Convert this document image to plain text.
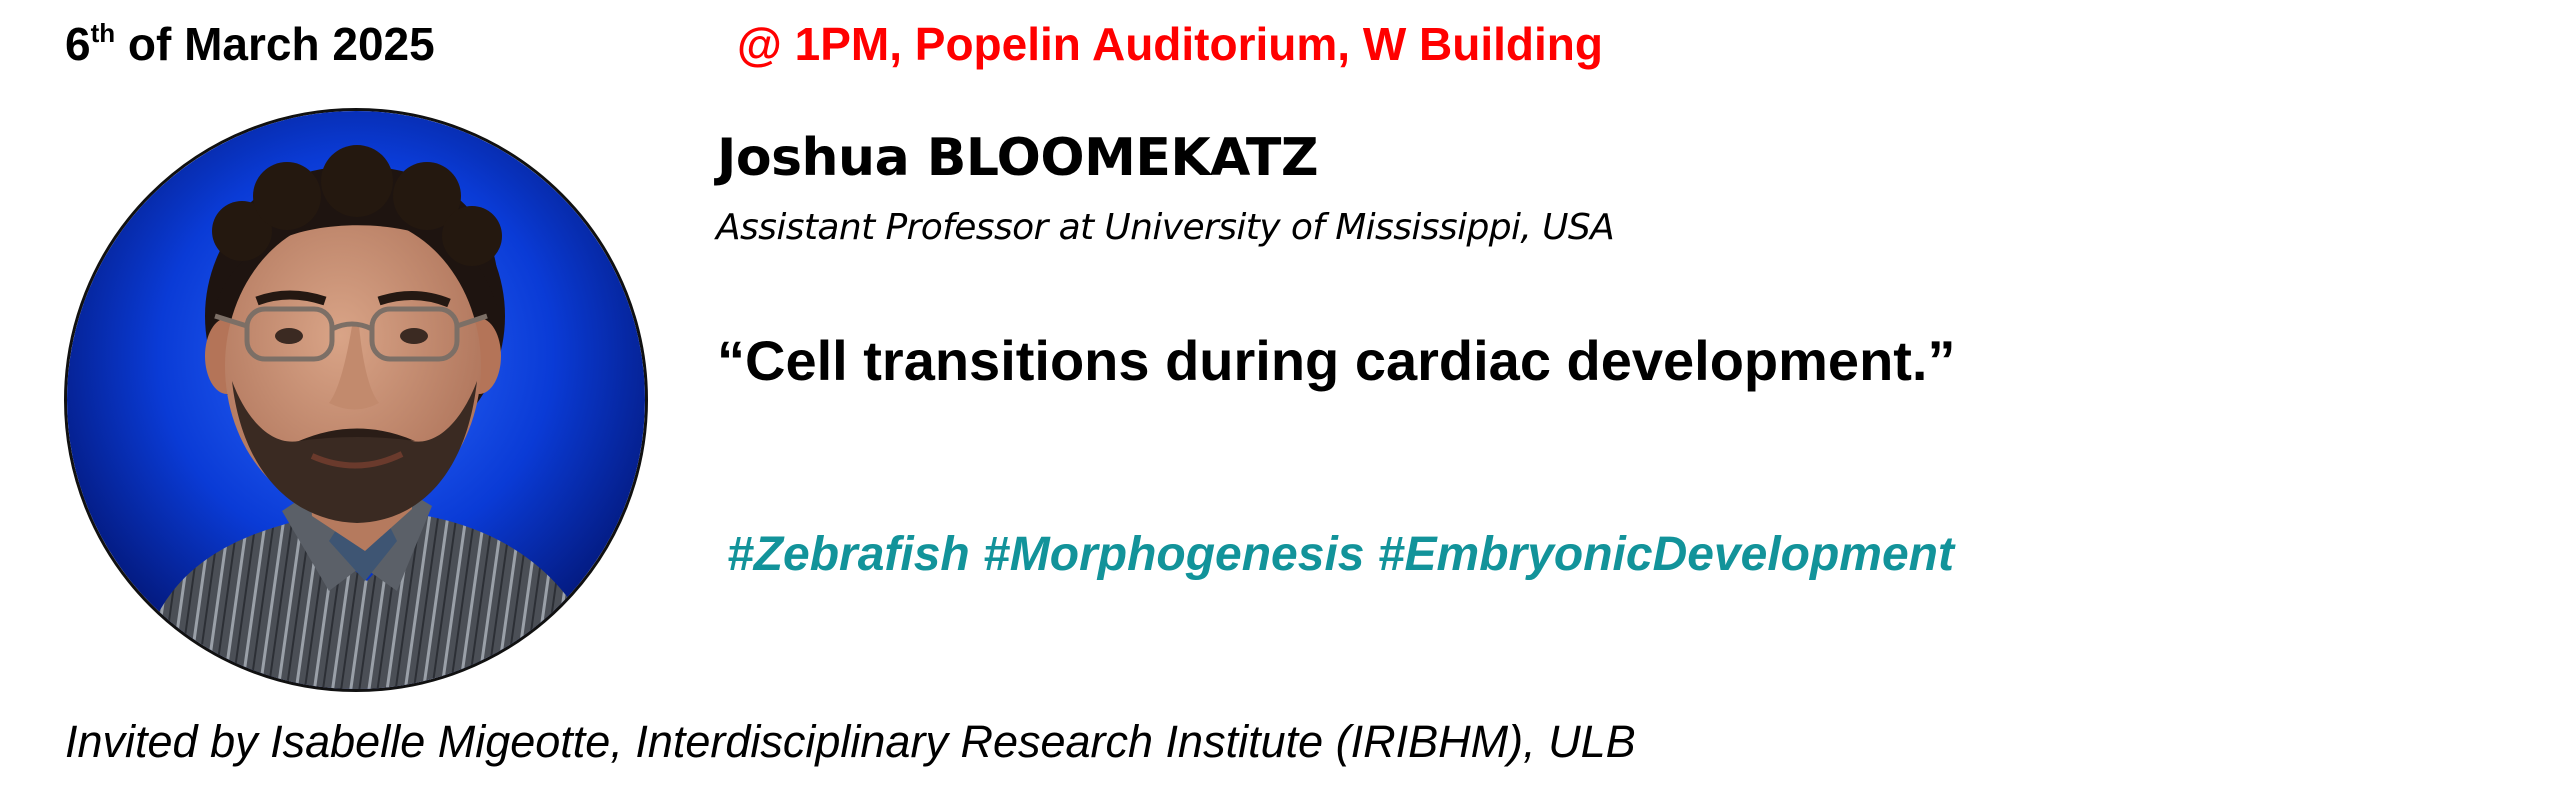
6th of March 2025	@ 1PM, Popelin Auditorium, W Building
Joshua BLOOMEKATZ
Assistant Professor at University of Mississippi, USA
“Cell transitions during cardiac development.”
#Zebrafish #Morphogenesis #EmbryonicDevelopment
Invited by Isabelle Migeotte, Interdisciplinary Research Institute (IRIBHM), ULB
